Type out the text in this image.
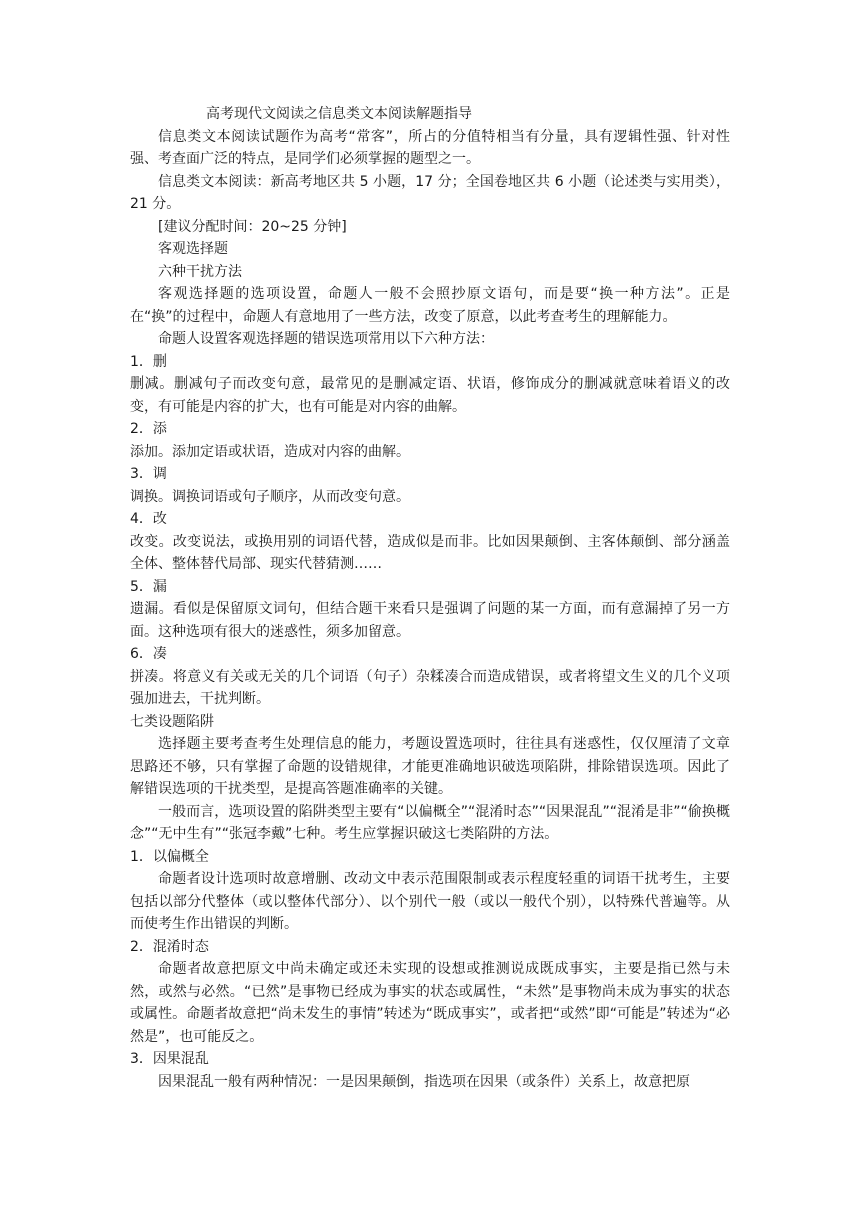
高考现代文阅读之信息类文本阅读解题指导

信息类文本阅读试题作为高考“常客”，所占的分值特相当有分量，具有逻辑性强、针对性强、考查面广泛的特点，是同学们必须掌握的题型之一。

信息类文本阅读：新高考地区共 5 小题，17 分；全国卷地区共 6 小题（论述类与实用类），21 分。

[建议分配时间：20~25 分钟]

客观选择题

六种干扰方法

客观选择题的选项设置，命题人一般不会照抄原文语句，而是要“换一种方法”。正是在“换”的过程中，命题人有意地用了一些方法，改变了原意，以此考查考生的理解能力。

命题人设置客观选择题的错误选项常用以下六种方法：

1．删

删减。删减句子而改变句意，最常见的是删减定语、状语，修饰成分的删减就意味着语义的改变，有可能是内容的扩大，也有可能是对内容的曲解。

2．添

添加。添加定语或状语，造成对内容的曲解。

3．调

调换。调换词语或句子顺序，从而改变句意。

4．改

改变。改变说法，或换用别的词语代替，造成似是而非。比如因果颠倒、主客体颠倒、部分涵盖全体、整体替代局部、现实代替猜测……

5．漏

遗漏。看似是保留原文词句，但结合题干来看只是强调了问题的某一方面，而有意漏掉了另一方面。这种选项有很大的迷惑性，须多加留意。

6．凑

拼凑。将意义有关或无关的几个词语（句子）杂糅凑合而造成错误，或者将望文生义的几个义项强加进去，干扰判断。

七类设题陷阱

选择题主要考查考生处理信息的能力，考题设置选项时，往往具有迷惑性，仅仅厘清了文章思路还不够，只有掌握了命题的设错规律，才能更准确地识破选项陷阱，排除错误选项。因此了解错误选项的干扰类型，是提高答题准确率的关键。

一般而言，选项设置的陷阱类型主要有“以偏概全”“混淆时态”“因果混乱”“混淆是非”“偷换概念”“无中生有”“张冠李戴”七种。考生应掌握识破这七类陷阱的方法。

1．以偏概全

命题者设计选项时故意增删、改动文中表示范围限制或表示程度轻重的词语干扰考生，主要包括以部分代整体（或以整体代部分）、以个别代一般（或以一般代个别），以特殊代普遍等。从而使考生作出错误的判断。

2．混淆时态

命题者故意把原文中尚未确定或还未实现的设想或推测说成既成事实，主要是指已然与未然，或然与必然。“已然”是事物已经成为事实的状态或属性，“未然”是事物尚未成为事实的状态或属性。命题者故意把“尚未发生的事情”转述为“既成事实”，或者把“或然”即“可能是”转述为“必然是”，也可能反之。

3．因果混乱

因果混乱一般有两种情况：一是因果颠倒，指选项在因果（或条件）关系上，故意把原
